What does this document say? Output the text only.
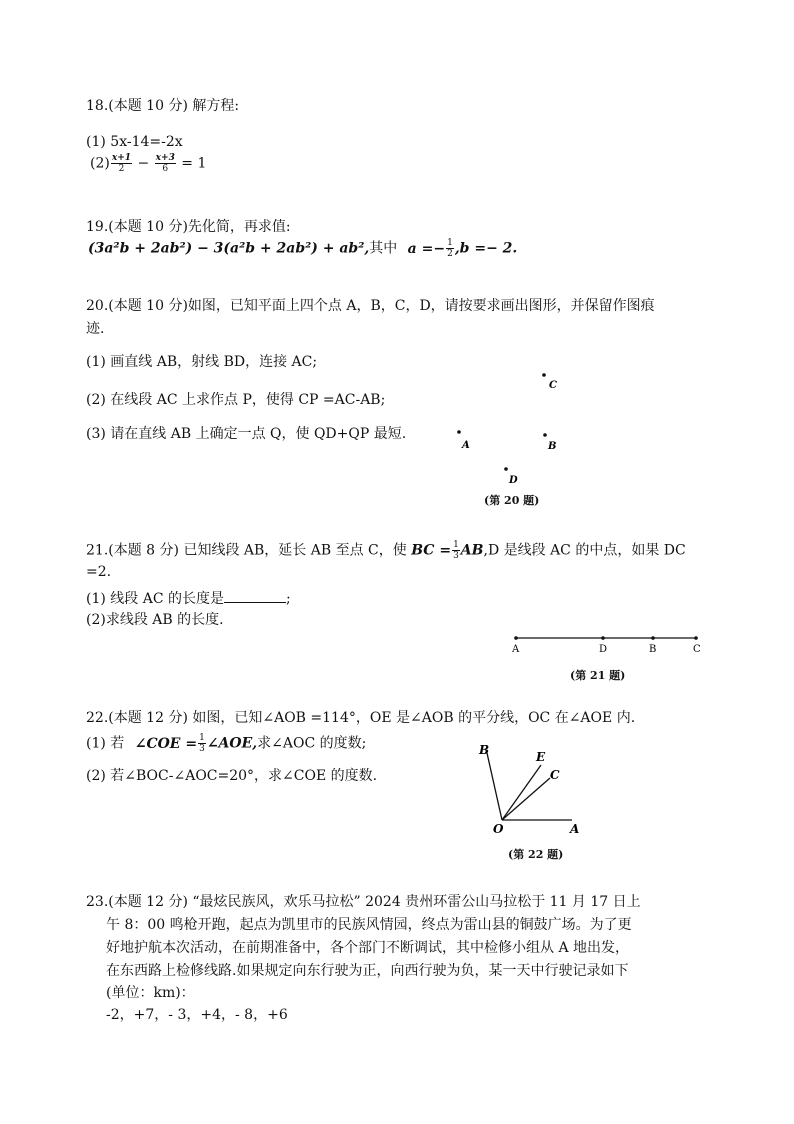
18.(本题 10 分) 解方程:
(1) 5x-14=-2x
$(2) \frac{x+1}{2} - \frac{x+3}{6} = 1$
19.(本题 10 分)先化简，再求值:
(3a²b + 2ab²) − 3(a²b + 2ab²) + ab²,其中 $a =- \frac{1}{2} ,b =- 2$.
20.(本题 10 分)如图，已知平面上四个点 A，B，C，D，请按要求画出图形，并保留作图痕
迹.
(1) 画直线 AB，射线 BD，连接 AC;
(2) 在线段 AC 上求作点 P，使得 CP =AC-AB;
(3) 请在直线 AB 上确定一点 Q，使 QD+QP 最短.
C
A	B
D
(第 20 题)
21.(本题 8 分) 已知线段 AB，延长 AB 至点 C，使 BC = $\frac{1}{3} AB,D$ 是线段 AC 的中点，如果 DC
=2.
(1) 线段 AC 的长度是	;
(2)求线段 AB 的长度.
A	D	B	C
(第 21 题)
22.(本题 12 分) 如图，已知∠AOB =114°，OE 是∠AOB 的平分线，OC 在∠AOE 内.
(1) 若 ∠COE = $\frac{1}{3}$ ∠AOE,求∠AOC 的度数;
(2) 若∠BOC-∠AOC=20°，求∠COE 的度数.
B	E
C
O	A
(第 22 题)
23.(本题 12 分) “最炫民族风，欢乐马拉松” 2024 贵州环雷公山马拉松于 11 月 17 日上
午 8：00 鸣枪开跑，起点为凯里市的民族风情园，终点为雷山县的铜鼓广场。为了更
好地护航本次活动，在前期准备中，各个部门不断调试，其中检修小组从 A 地出发，
在东西路上检修线路.如果规定向东行驶为正，向西行驶为负，某一天中行驶记录如下
(单位：km)：
-2，+7，- 3，+4，- 8，+6
